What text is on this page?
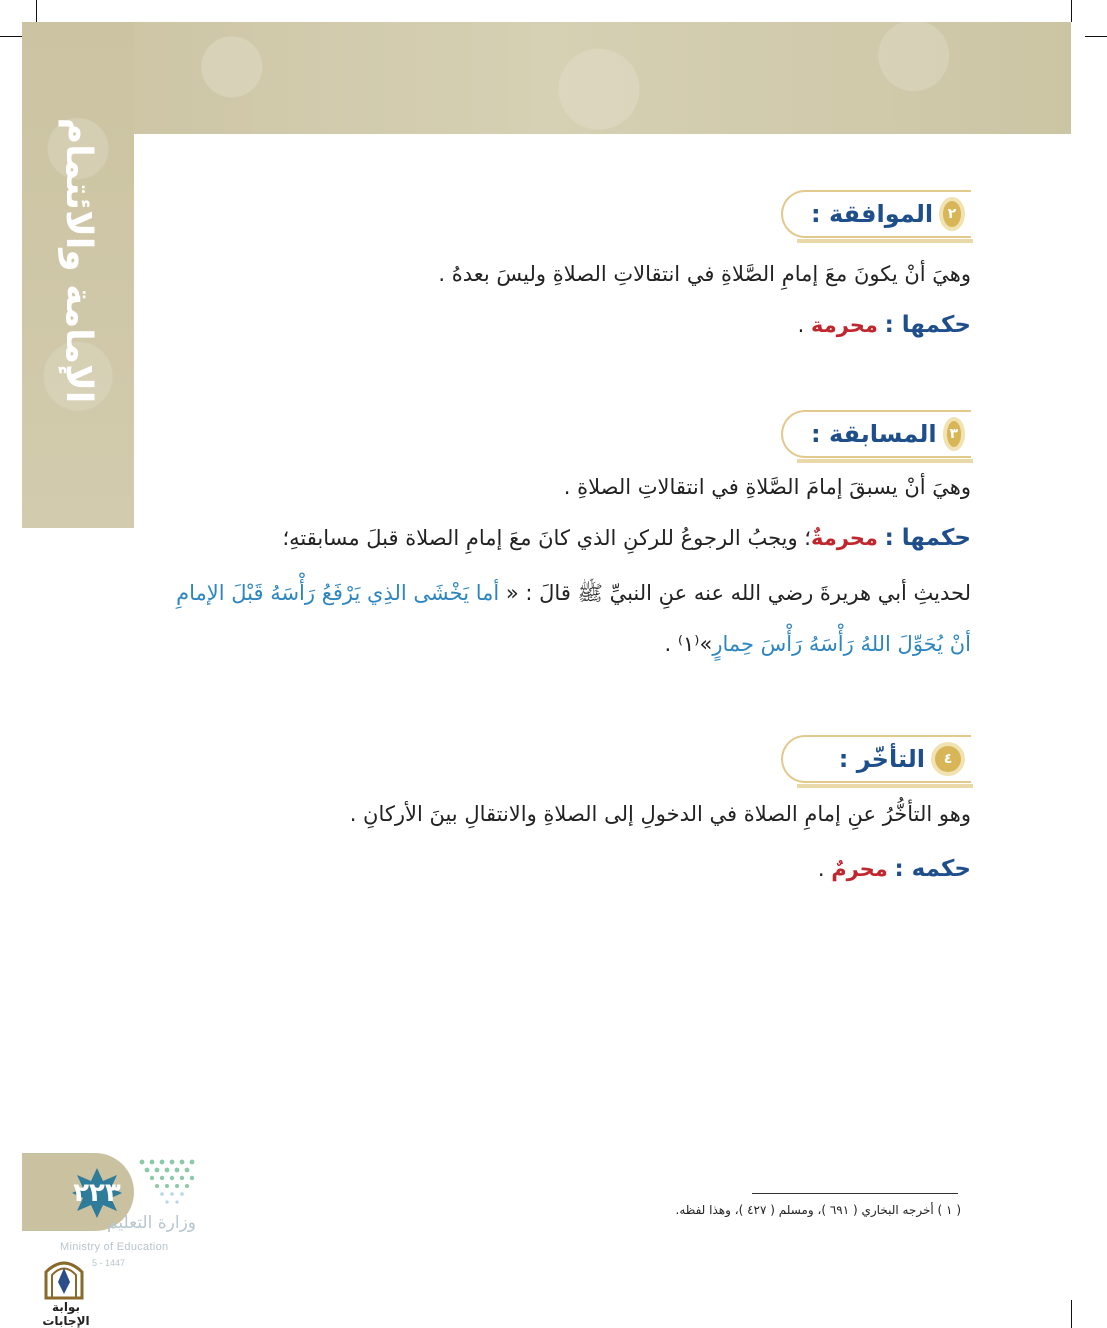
الإمامة والائتمام	٢
الموافقة :
وهيَ أنْ يكونَ معَ إمامِ الصَّلاةِ في انتقالاتِ الصلاةِ وليسَ بعدهُ .
حكمها : محرمة .
٣
المسابقة :
وهيَ أنْ يسبقَ إمامَ الصَّلاةِ في انتقالاتِ الصلاةِ .
حكمها : محرمةٌ؛ ويجبُ الرجوعُ للركنِ الذي كانَ معَ إمامِ الصلاة قبلَ مسابقتهِ؛
لحديثِ أبي هريرةَ رضي الله عنه عنِ النبيِّ ﷺ قالَ : « أما يَخْشَى الذِي يَرْفَعُ رَأْسَهُ قَبْلَ الإمامِ
أنْ يُحَوِّلَ اللهُ رَأْسَهُ رَأْسَ حِمارٍ»⁽١⁾ .
٤
التأخّر :
وهو التأخُّرُ عنِ إمامِ الصلاة في الدخولِ إلى الصلاةِ والانتقالِ بينَ الأركانِ .
حكمه : محرمٌ .
( ١ ) أخرجه البخاري ( ٦٩١ )، ومسلم ( ٤٢٧ )، وهذا لفظه.
٢٢٣
وزارة التعليم
Ministry of Education
5 - 1447
بوابة الإجابات
